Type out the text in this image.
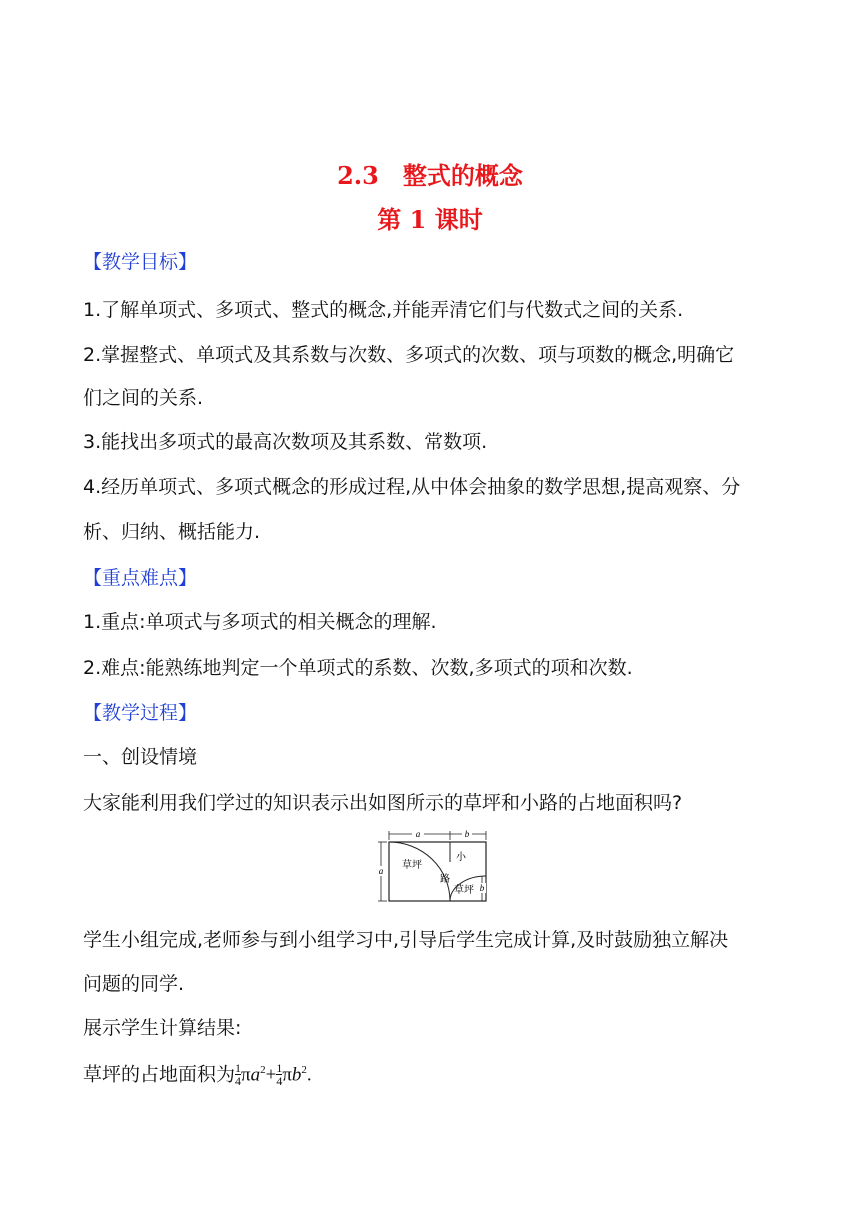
2.3　整式的概念
第 1 课时
【教学目标】
1.了解单项式、多项式、整式的概念,并能弄清它们与代数式之间的关系.
2.掌握整式、单项式及其系数与次数、多项式的次数、项与项数的概念,明确它
们之间的关系.
3.能找出多项式的最高次数项及其系数、常数项.
4.经历单项式、多项式概念的形成过程,从中体会抽象的数学思想,提高观察、分
析、归纳、概括能力.
【重点难点】
1.重点:单项式与多项式的相关概念的理解.
2.难点:能熟练地判定一个单项式的系数、次数,多项式的项和次数.
【教学过程】
一、创设情境
大家能利用我们学过的知识表示出如图所示的草坪和小路的占地面积吗?
a	b
a
b
草坪
小
路
草坪
学生小组完成,老师参与到小组学习中,引导后学生完成计算,及时鼓励独立解决
问题的同学.
展示学生计算结果:
草坪的占地面积为 $\frac{1}{4} \pi a^2+ \frac{1}{4} \pi b^2$.
